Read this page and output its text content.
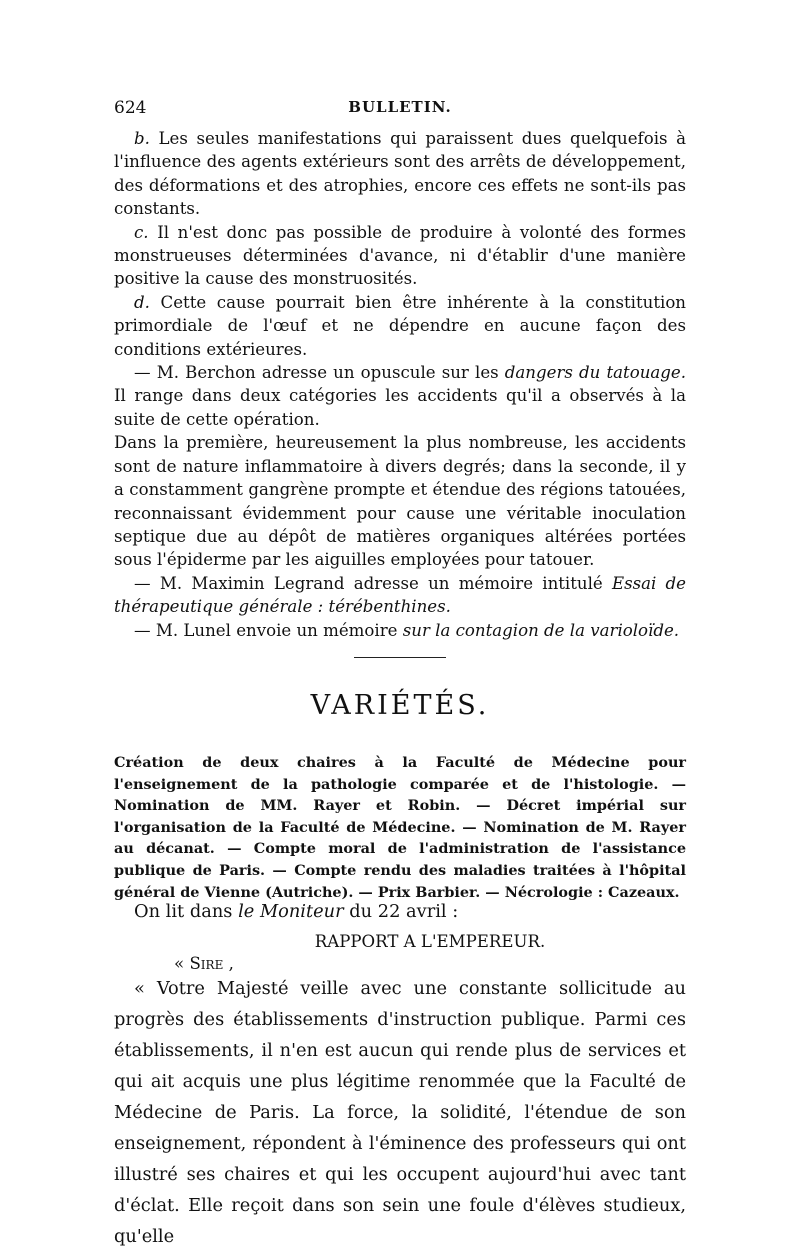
624	BULLETIN.
b. Les seules manifestations qui paraissent dues quelquefois à l'influence des agents extérieurs sont des arrêts de développement, des déformations et des atrophies, encore ces effets ne sont-ils pas constants.
c. Il n'est donc pas possible de produire à volonté des formes monstrueuses déterminées d'avance, ni d'établir d'une manière positive la cause des monstruosités.
d. Cette cause pourrait bien être inhérente à la constitution primordiale de l'œuf et ne dépendre en aucune façon des conditions extérieures.
— M. Berchon adresse un opuscule sur les dangers du tatouage. Il range dans deux catégories les accidents qu'il a observés à la suite de cette opération.
Dans la première, heureusement la plus nombreuse, les accidents sont de nature inflammatoire à divers degrés; dans la seconde, il y a constamment gangrène prompte et étendue des régions tatouées, reconnaissant évidemment pour cause une véritable inoculation septique due au dépôt de matières organiques altérées portées sous l'épiderme par les aiguilles employées pour tatouer.
— M. Maximin Legrand adresse un mémoire intitulé Essai de thérapeutique générale : térébenthines.
— M. Lunel envoie un mémoire sur la contagion de la varioloïde.
VARIÉTÉS.
Création de deux chaires à la Faculté de Médecine pour l'enseignement de la pathologie comparée et de l'histologie. — Nomination de MM. Rayer et Robin. — Décret impérial sur l'organisation de la Faculté de Médecine. — Nomination de M. Rayer au décanat. — Compte moral de l'administration de l'assistance publique de Paris. — Compte rendu des maladies traitées à l'hôpital général de Vienne (Autriche). — Prix Barbier. — Nécrologie : Cazeaux.
On lit dans le Moniteur du 22 avril :
RAPPORT A L'EMPEREUR.
« Sire ,
« Votre Majesté veille avec une constante sollicitude au progrès des établissements d'instruction publique. Parmi ces établissements, il n'en est aucun qui rende plus de services et qui ait acquis une plus légitime renommée que la Faculté de Médecine de Paris. La force, la solidité, l'étendue de son enseignement, répondent à l'éminence des professeurs qui ont illustré ses chaires et qui les occupent aujourd'hui avec tant d'éclat. Elle reçoit dans son sein une foule d'élèves studieux, qu'elle
